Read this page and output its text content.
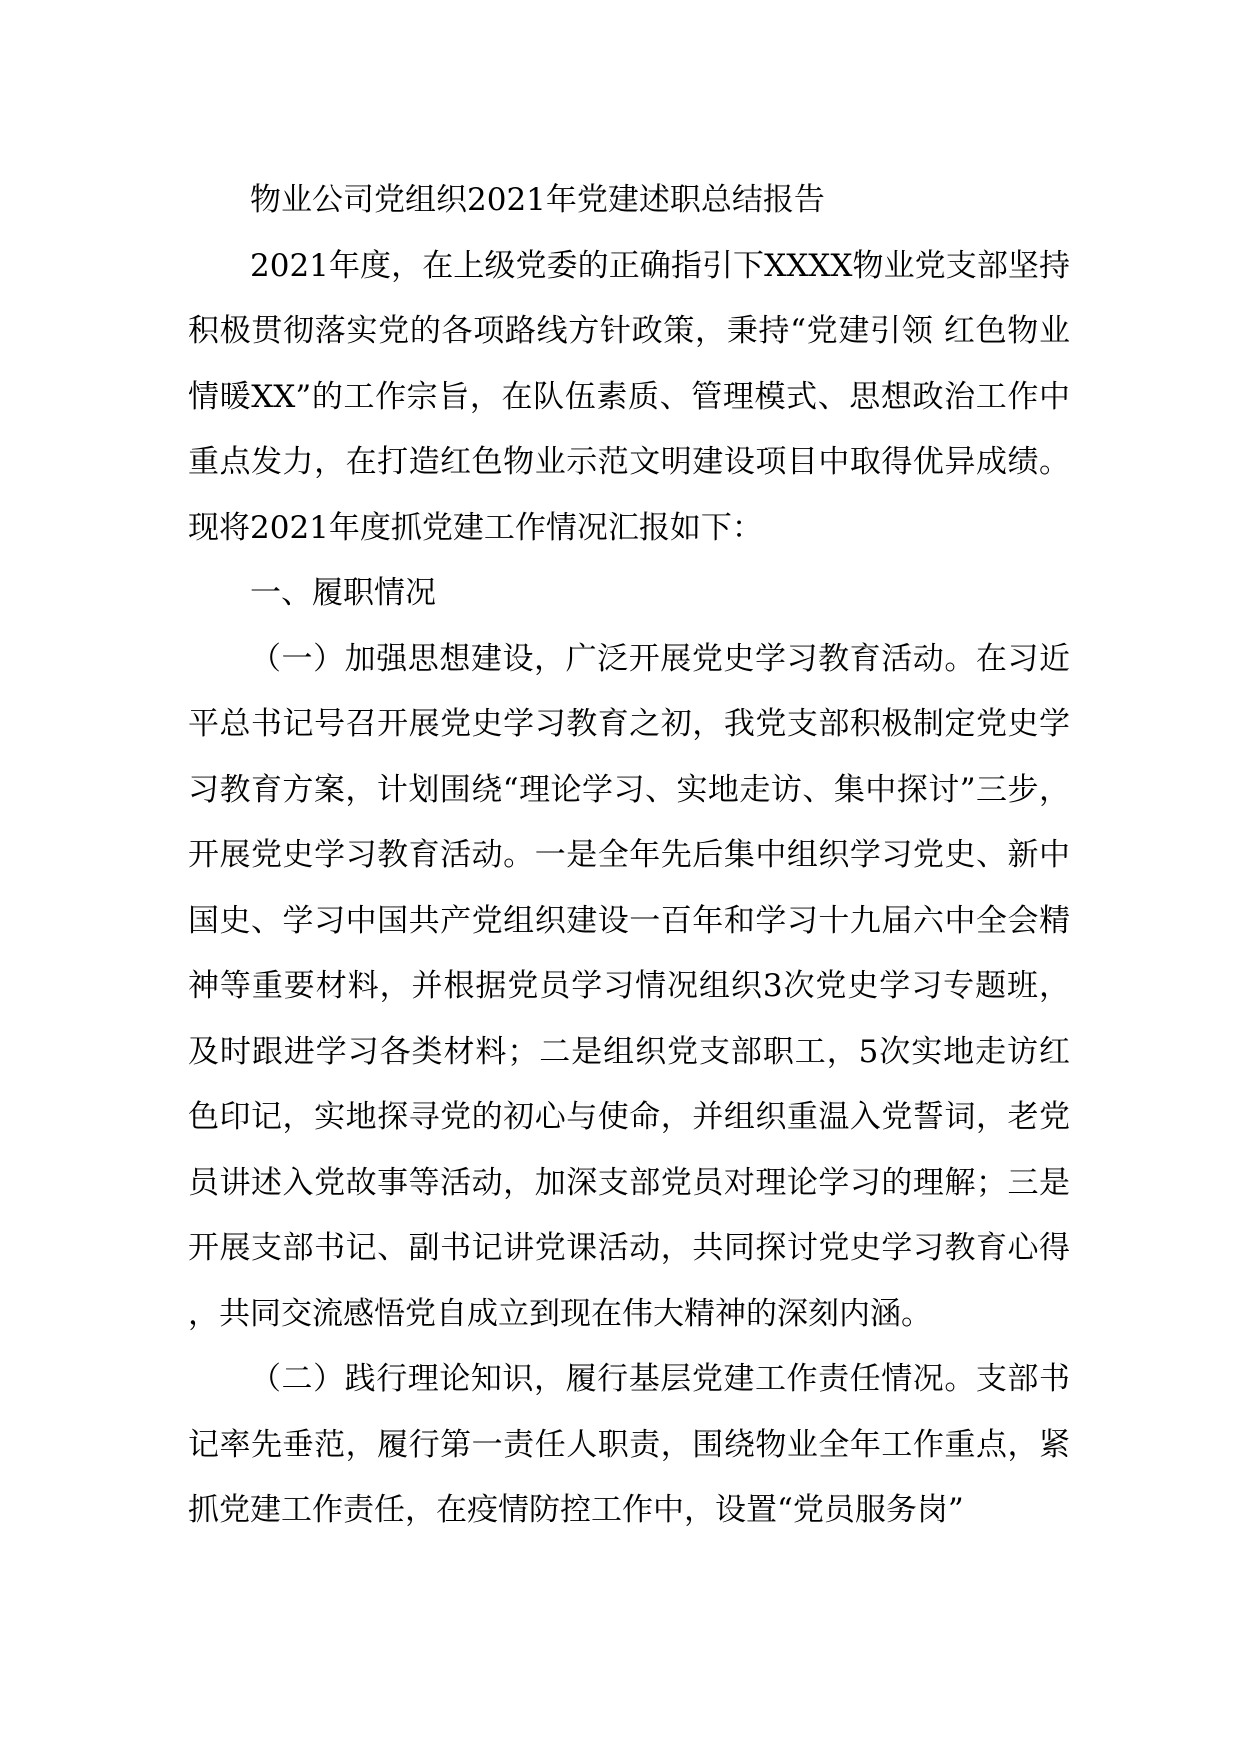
物业公司党组织2021年党建述职总结报告

2021年度，在上级党委的正确指引下XXXX物业党支部坚持积极贯彻落实党的各项路线方针政策，秉持“党建引领 红色物业 情暖XX”的工作宗旨，在队伍素质、管理模式、思想政治工作中重点发力，在打造红色物业示范文明建设项目中取得优异成绩。现将2021年度抓党建工作情况汇报如下：

一、履职情况

（一）加强思想建设，广泛开展党史学习教育活动。在习近平总书记号召开展党史学习教育之初，我党支部积极制定党史学习教育方案，计划围绕“理论学习、实地走访、集中探讨”三步，开展党史学习教育活动。一是全年先后集中组织学习党史、新中国史、学习中国共产党组织建设一百年和学习十九届六中全会精神等重要材料，并根据党员学习情况组织3次党史学习专题班，及时跟进学习各类材料；二是组织党支部职工，5次实地走访红色印记，实地探寻党的初心与使命，并组织重温入党誓词，老党员讲述入党故事等活动，加深支部党员对理论学习的理解；三是开展支部书记、副书记讲党课活动，共同探讨党史学习教育心得，共同交流感悟党自成立到现在伟大精神的深刻内涵。

（二）践行理论知识，履行基层党建工作责任情况。支部书记率先垂范，履行第一责任人职责，围绕物业全年工作重点，紧抓党建工作责任，在疫情防控工作中，设置“党员服务岗”
